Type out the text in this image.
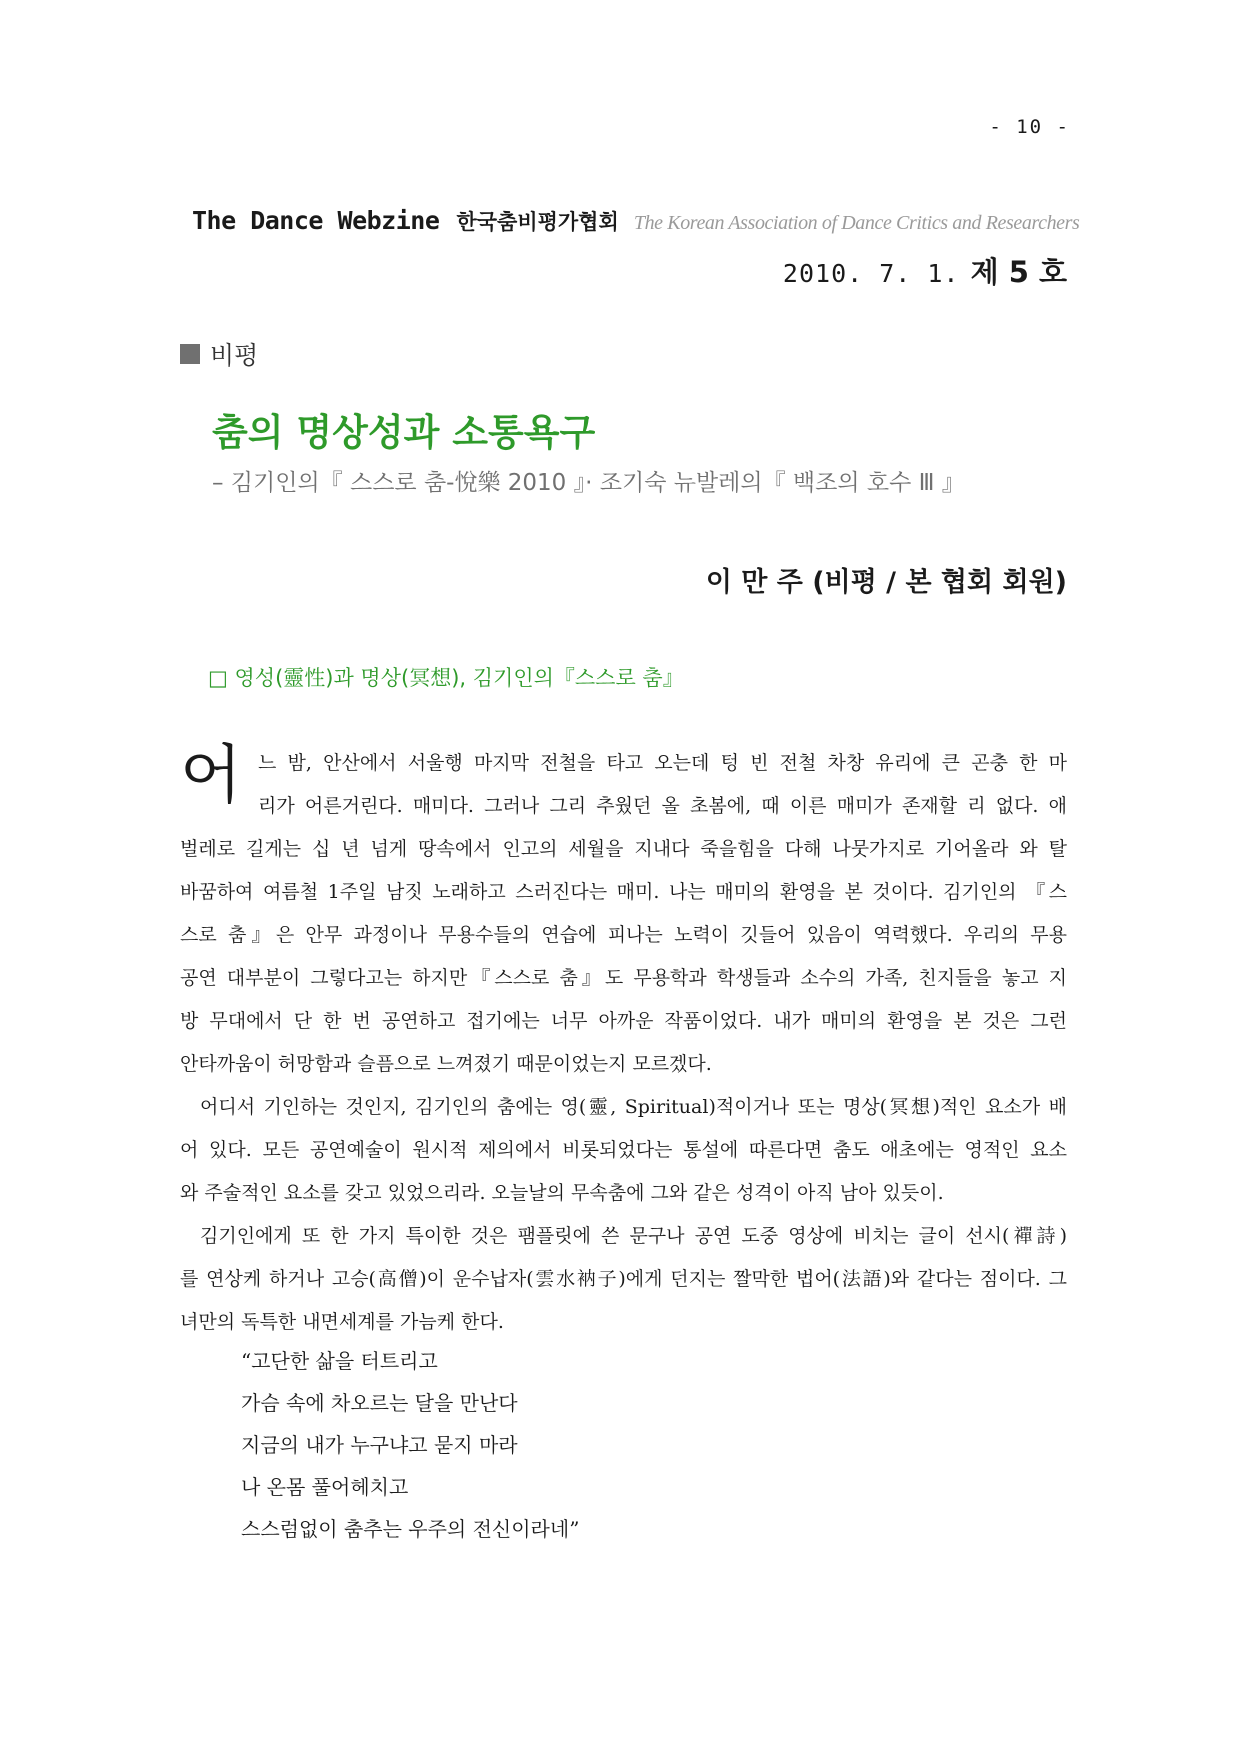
- 10 -
The Dance Webzine 한국춤비평가협회 The Korean Association of Dance Critics and Researchers
2010. 7. 1. 제 5 호
비평
춤의 명상성과 소통욕구
– 김기인의『 스스로 춤-悅樂 2010 』· 조기숙 뉴발레의『 백조의 호수 Ⅲ 』
이 만 주 (비평 / 본 협회 회원)
□ 영성(靈性)과 명상(冥想), 김기인의『스스로 춤』
어 느 밤, 안산에서 서울행 마지막 전철을 타고 오는데 텅 빈 전철 차창 유리에 큰 곤충 한 마
리가 어른거린다. 매미다. 그러나 그리 추웠던 올 초봄에, 때 이른 매미가 존재할 리 없다. 애
벌레로 길게는 십 년 넘게 땅속에서 인고의 세월을 지내다 죽을힘을 다해 나뭇가지로 기어올라 와 탈
바꿈하여 여름철 1주일 남짓 노래하고 스러진다는 매미. 나는 매미의 환영을 본 것이다. 김기인의 『스
스로 춤』은 안무 과정이나 무용수들의 연습에 피나는 노력이 깃들어 있음이 역력했다. 우리의 무용
공연 대부분이 그렇다고는 하지만『스스로 춤』도 무용학과 학생들과 소수의 가족, 친지들을 놓고 지
방 무대에서 단 한 번 공연하고 접기에는 너무 아까운 작품이었다. 내가 매미의 환영을 본 것은 그런
안타까움이 허망함과 슬픔으로 느껴졌기 때문이었는지 모르겠다.
어디서 기인하는 것인지, 김기인의 춤에는 영(靈, Spiritual)적이거나 또는 명상(冥想)적인 요소가 배
어 있다. 모든 공연예술이 원시적 제의에서 비롯되었다는 통설에 따른다면 춤도 애초에는 영적인 요소
와 주술적인 요소를 갖고 있었으리라. 오늘날의 무속춤에 그와 같은 성격이 아직 남아 있듯이.
김기인에게 또 한 가지 특이한 것은 팸플릿에 쓴 문구나 공연 도중 영상에 비치는 글이 선시(禪詩)
를 연상케 하거나 고승(高僧)이 운수납자(雲水衲子)에게 던지는 짤막한 법어(法語)와 같다는 점이다. 그
녀만의 독특한 내면세계를 가늠케 한다.
“고단한 삶을 터트리고
가슴 속에 차오르는 달을 만난다
지금의 내가 누구냐고 묻지 마라
나 온몸 풀어헤치고
스스럼없이 춤추는 우주의 전신이라네”
